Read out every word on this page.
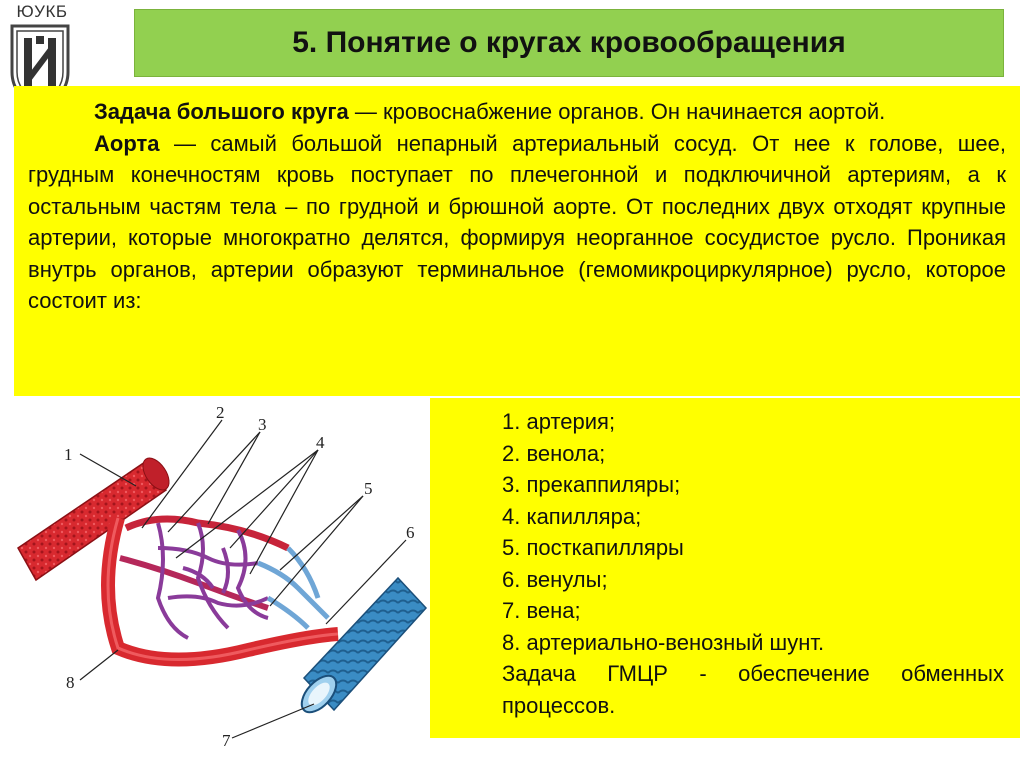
ЮУКБ
5. Понятие о кругах кровообращения

Задача большого круга — кровоснабжение органов. Он начинается аортой.

Аорта — самый большой непарный артериальный сосуд. От нее к голове, шее, грудным конечностям кровь поступает по плечегонной и подключичной артериям, а к остальным частям тела – по грудной и брюшной аорте. От последних двух отходят крупные артерии, которые многократно делятся, формируя неорганное сосудистое русло. Проникая внутрь органов, артерии образуют терминальное (гемомикроциркулярное) русло, которое состоит из:

1
2
3
4
5
6
7
8
1. артерия;
2. венола;
3. прекаппиляры;
4. капилляра;
5. посткапилляры
6. венулы;
7. вена;
8. артериально-венозный шунт.

Задача ГМЦР - обеспечение обменных процессов.
